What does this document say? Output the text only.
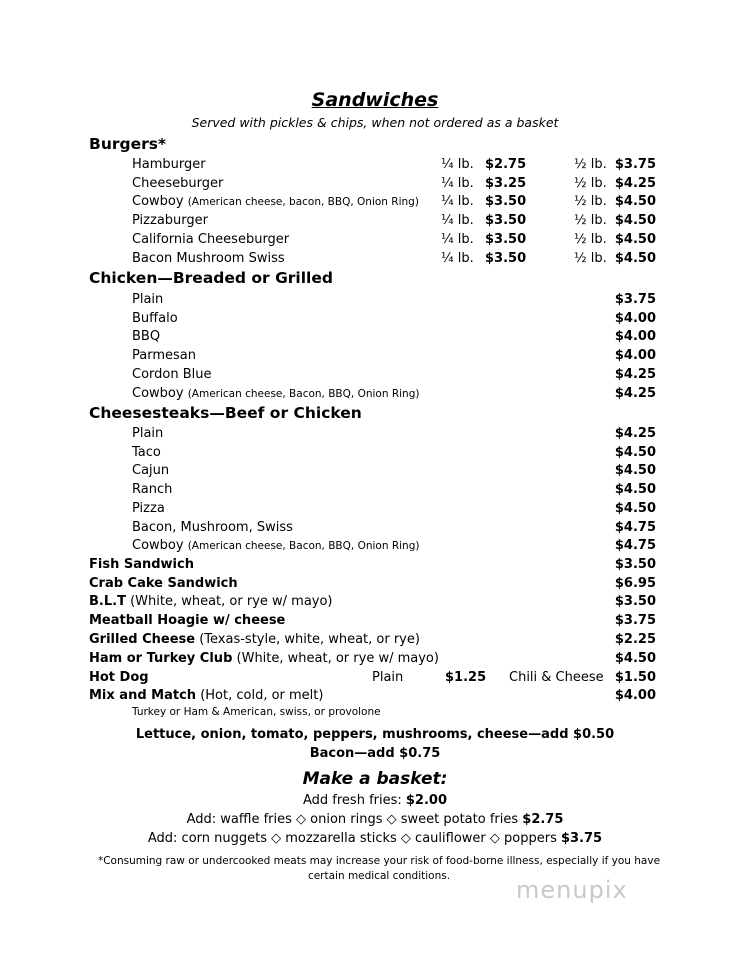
Sandwiches
Served with pickles & chips, when not ordered as a basket
Burgers*
Hamburger	¼ lb. $2.75	½ lb. $3.75
Cheeseburger	¼ lb. $3.25	½ lb. $4.25
Cowboy (American cheese, bacon, BBQ, Onion Ring) ¼ lb. $3.50	½ lb. $4.50
Pizzaburger	¼ lb. $3.50	½ lb. $4.50
California Cheeseburger	¼ lb. $3.50	½ lb. $4.50
Bacon Mushroom Swiss	¼ lb. $3.50	½ lb. $4.50
Chicken—Breaded or Grilled
Plain	$3.75
Buffalo	$4.00
BBQ	$4.00
Parmesan	$4.00
Cordon Blue	$4.25
Cowboy (American cheese, Bacon, BBQ, Onion Ring)	$4.25
Cheesesteaks—Beef or Chicken
Plain	$4.25
Taco	$4.50
Cajun	$4.50
Ranch	$4.50
Pizza	$4.50
Bacon, Mushroom, Swiss	$4.75
Cowboy (American cheese, Bacon, BBQ, Onion Ring)	$4.75
Fish Sandwich	$3.50
Crab Cake Sandwich	$6.95
B.L.T (White, wheat, or rye w/ mayo)	$3.50
Meatball Hoagie w/ cheese	$3.75
Grilled Cheese (Texas-style, white, wheat, or rye)	$2.25
Ham or Turkey Club (White, wheat, or rye w/ mayo)	$4.50
Hot Dog	Plain	$1.25 Chili & Cheese $1.50
Mix and Match (Hot, cold, or melt)	$4.00
Turkey or Ham & American, swiss, or provolone
Lettuce, onion, tomato, peppers, mushrooms, cheese—add $0.50
Bacon—add $0.75
Make a basket:
Add fresh fries: $2.00
Add: waffle fries ◇ onion rings ◇ sweet potato fries $2.75
Add: corn nuggets ◇ mozzarella sticks ◇ cauliflower ◇ poppers $3.75
*Consuming raw or undercooked meats may increase your risk of food-borne illness, especially if you have certain medical conditions.	menupix
